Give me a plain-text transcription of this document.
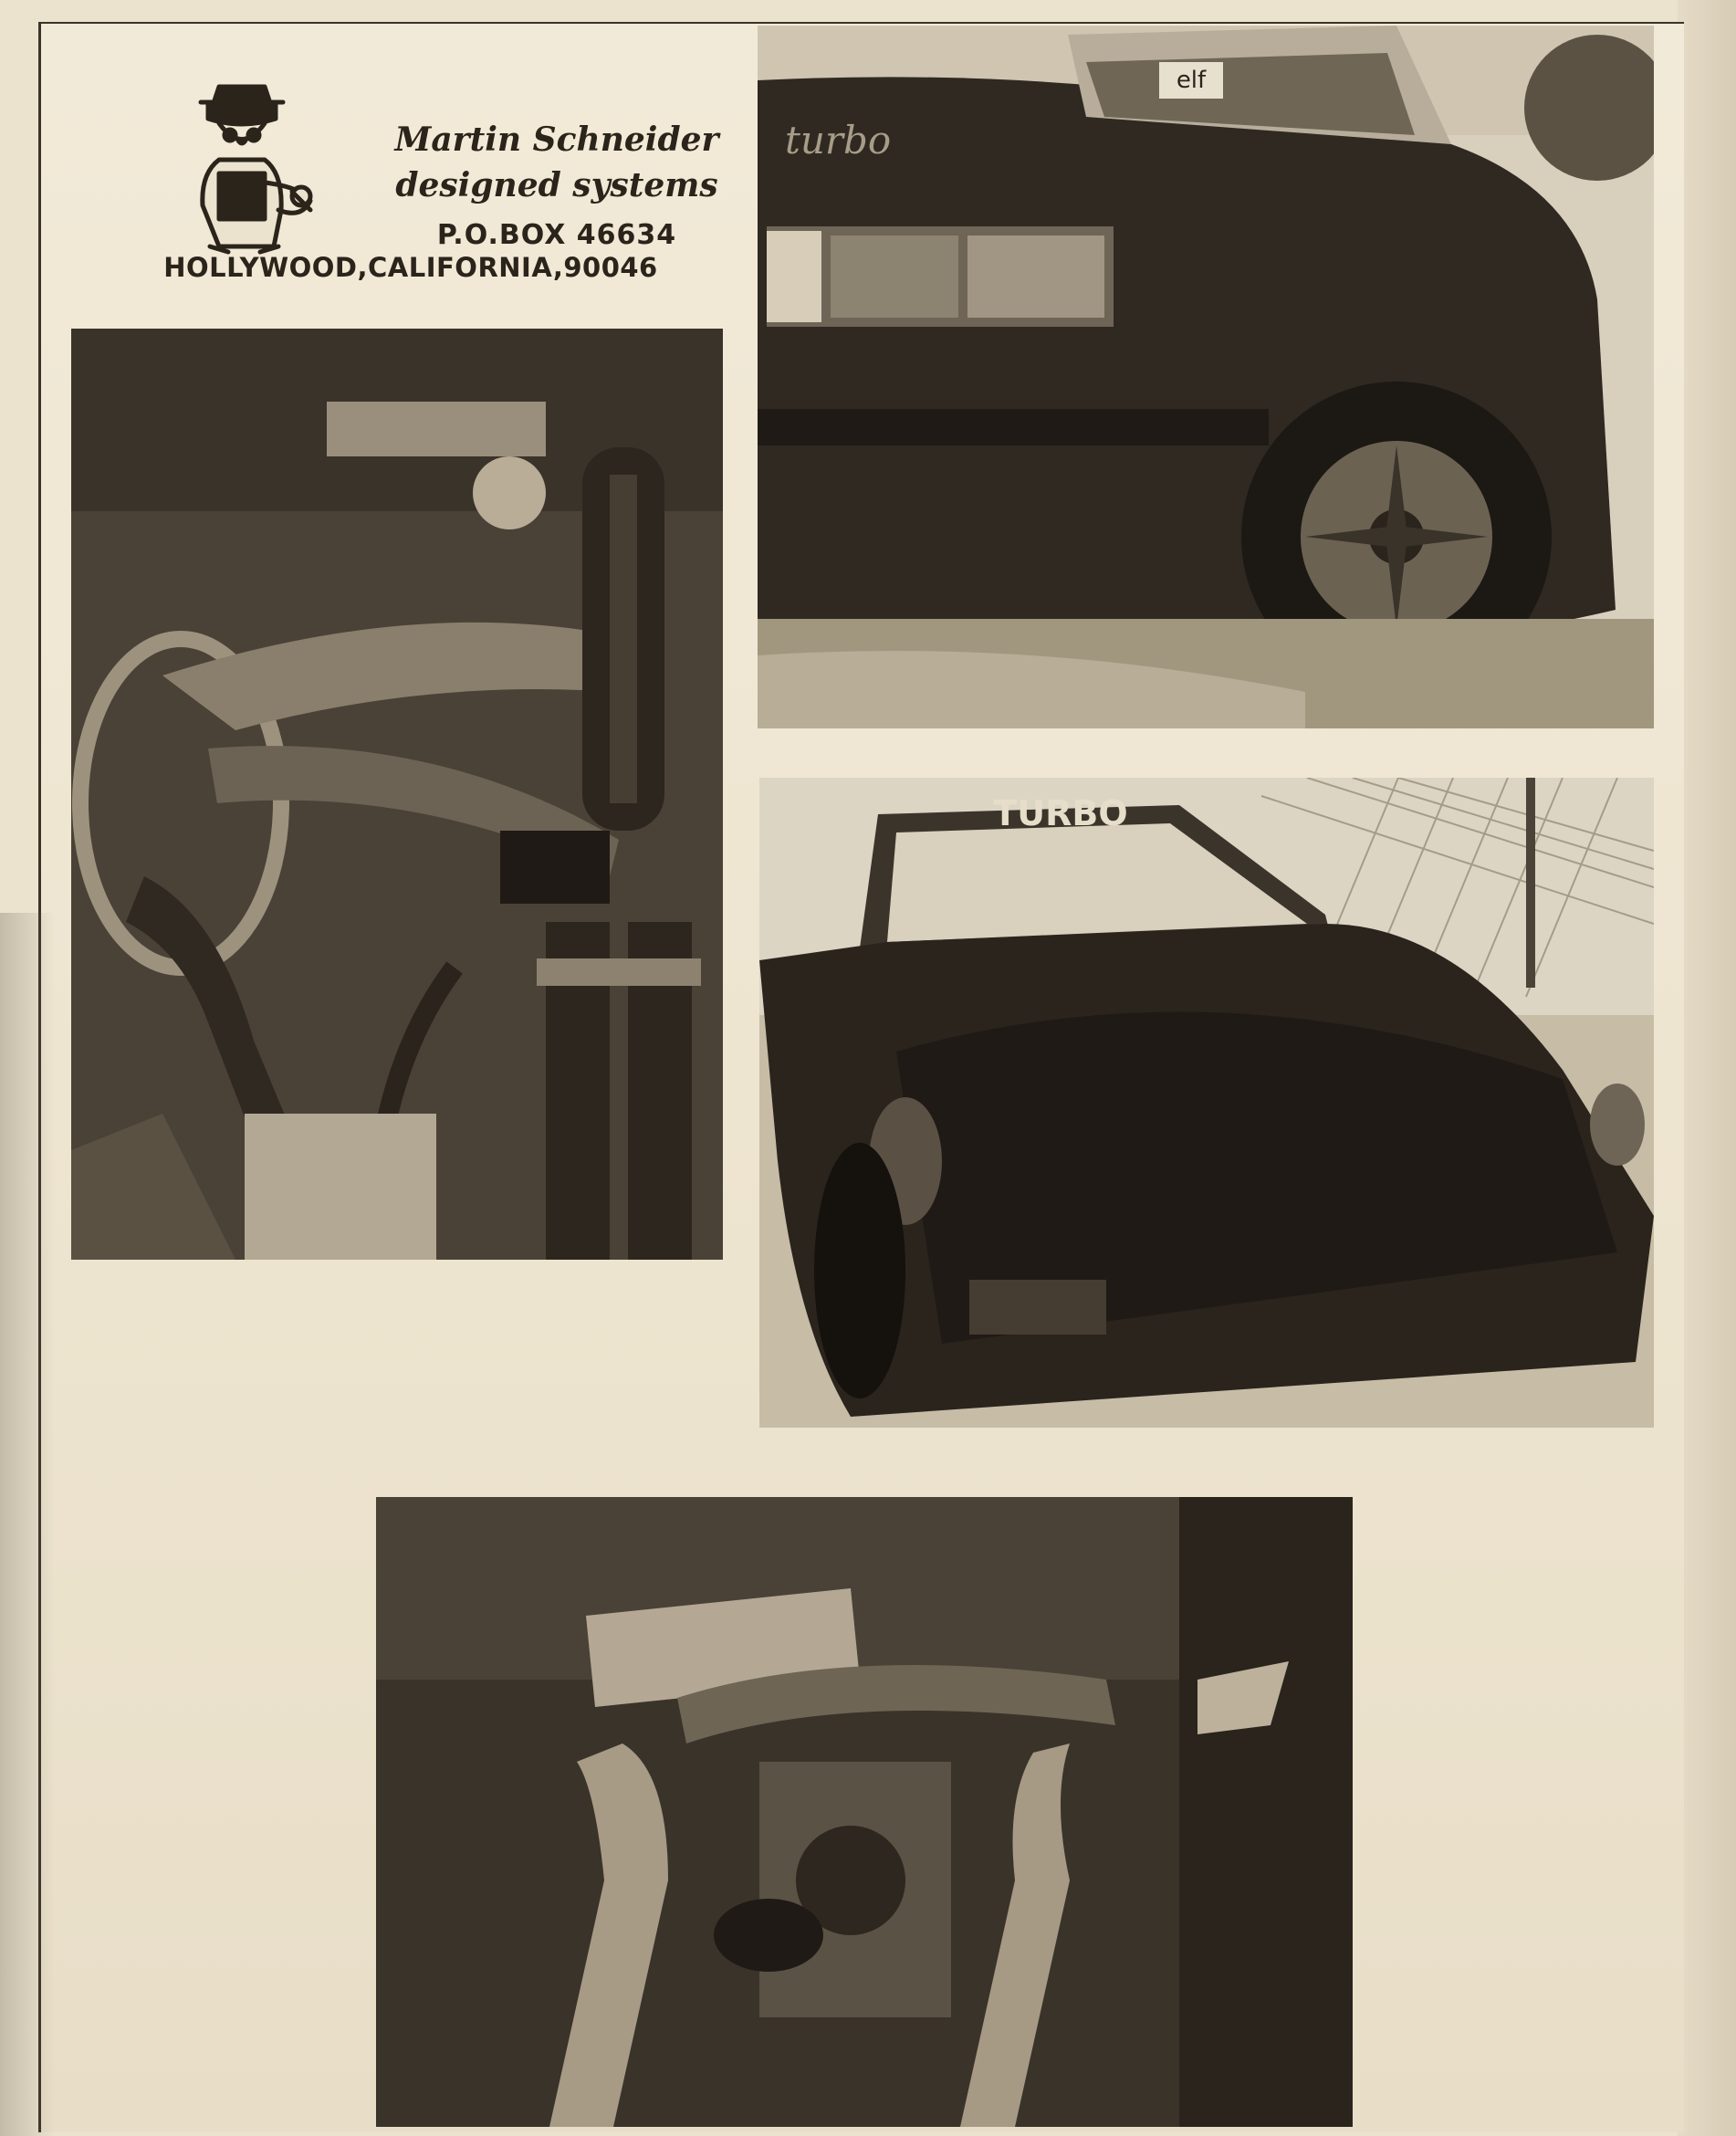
Martin Schneider
designed systems
P.O.BOX 46634
HOLLYWOOD,CALIFORNIA,90046
elf
turbo
TURBO
